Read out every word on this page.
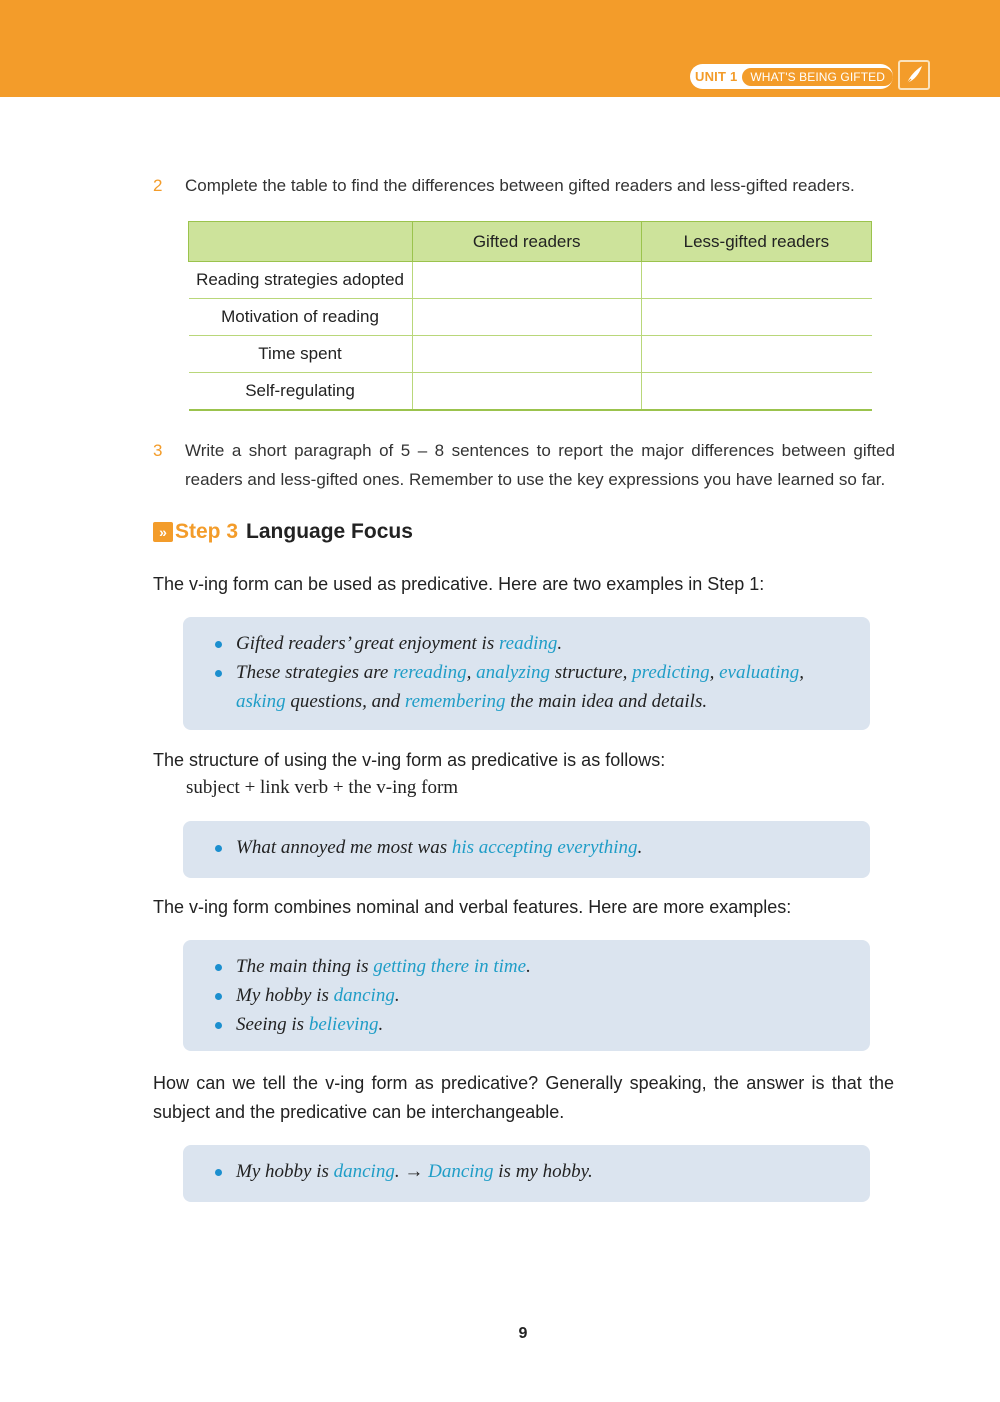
UNIT 1	WHAT'S BEING GIFTED
2 Complete the table to find the differences between gifted readers and less-gifted readers.
	Gifted readers	Less-gifted readers
Reading strategies adopted		
Motivation of reading		
Time spent		
Self-regulating		
3 Write a short paragraph of 5 – 8 sentences to report the major differences between gifted readers and less-gifted ones. Remember to use the key expressions you have learned so far.
» Step 3 Language Focus
The v-ing form can be used as predicative. Here are two examples in Step 1:
Gifted readers’ great enjoyment is reading.
These strategies are rereading, analyzing structure, predicting, evaluating, asking questions, and remembering the main idea and details.
The structure of using the v-ing form as predicative is as follows:
subject + link verb + the v-ing form
What annoyed me most was his accepting everything.
The v-ing form combines nominal and verbal features. Here are more examples:
The main thing is getting there in time.
My hobby is dancing.
Seeing is believing.
How can we tell the v-ing form as predicative? Generally speaking, the answer is that the subject and the predicative can be interchangeable.
My hobby is dancing. → Dancing is my hobby.
9
